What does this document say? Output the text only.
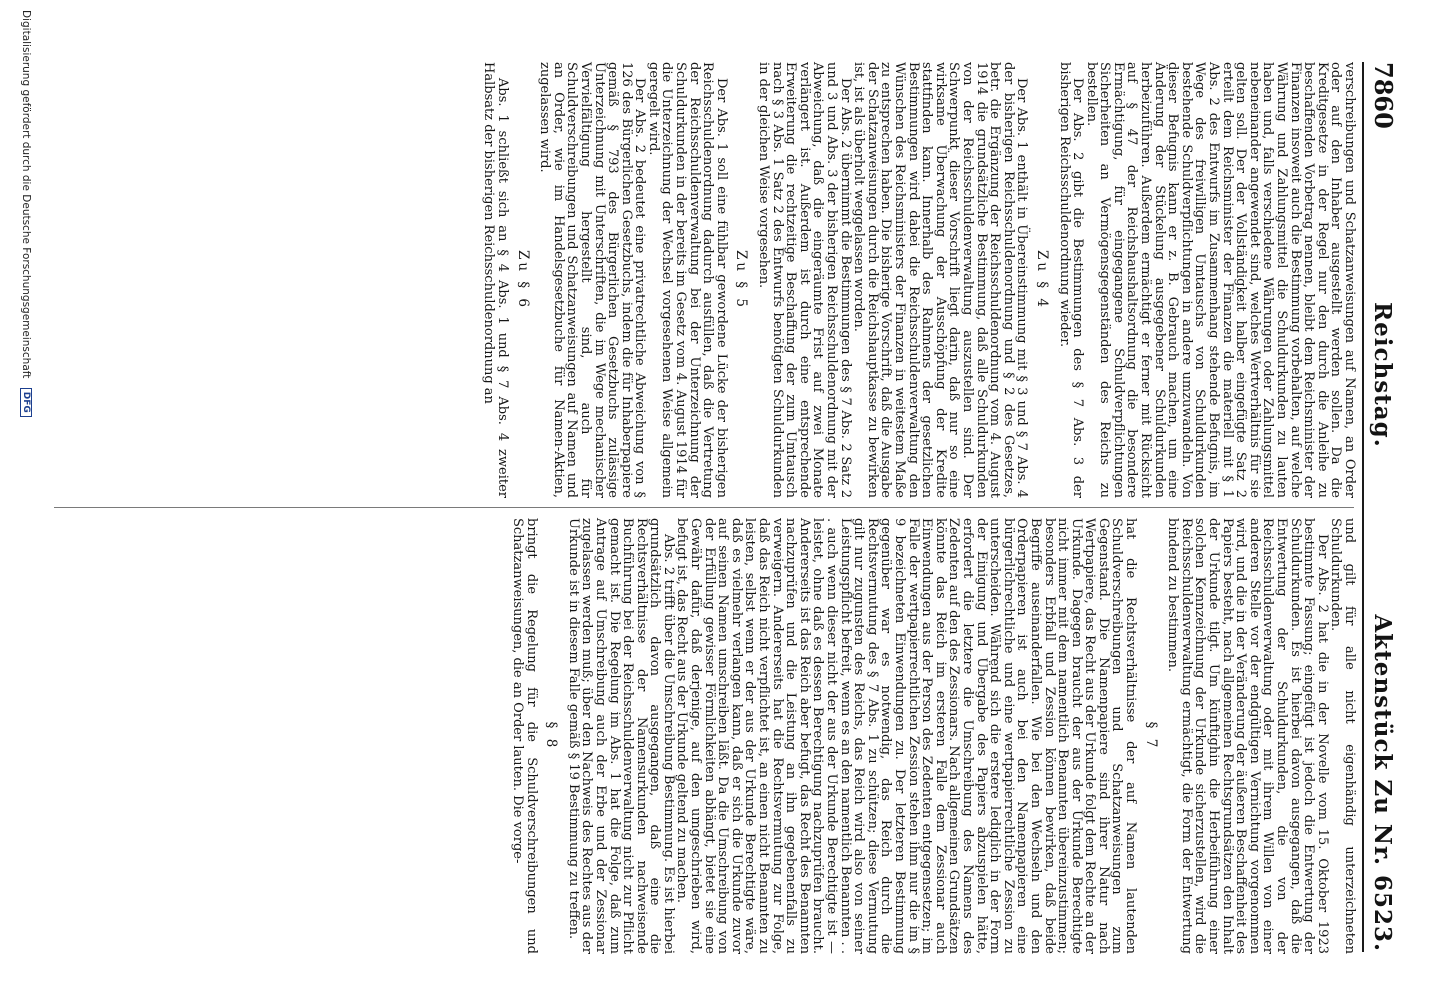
7860
Reichstag.
Aktenstück Zu Nr. 6523.

verschreibungen und Schatzanweisungen auf Namen, an Order oder auf den Inhaber ausgestellt werden sollen. Da die Kreditgesetze in der Regel nur den durch die Anleihe zu beschaffenden Vorbetrag nennen, bleibt dem Reichsminister der Finanzen insoweit auch die Bestimmung vorbehalten, auf welche Währung und Zahlungsmittel die Schuldurkunden zu lauten haben und, falls verschiedene Währungen oder Zahlungsmittel nebeneinander angewendet sind, welches Wertverhältnis für sie gelten soll. Der der Vollständigkeit halber eingefügte Satz 2 erteilt dem Reichsminister der Finanzen die materiell mit § 1 Abs. 2 des Entwurfs im Zusammenhang stehende Befugnis, im Wege des freiwilligen Umtauschs von Schuldurkunden bestehende Schuldverpflichtungen in andere umzuwandeln. Von dieser Befugnis kann er z. B. Gebrauch machen, um eine Änderung der Stückelung ausgegebener Schuldurkunden herbeizuführen. Außerdem ermächtigt er ferner mit Rücksicht auf § 47 der Reichshaushaltsordnung die besondere Ermächtigung, für eingegangene Schuldverpflichtungen Sicherheiten an Vermögensgegenständen des Reichs zu bestellen.

Der Abs. 2 gibt die Bestimmungen des § 7 Abs. 3 der bisherigen Reichsschuldenordnung wieder.

Zu § 4

Der Abs. 1 enthält in Übereinstimmung mit § 3 und § 7 Abs. 4 der bisherigen Reichsschuldenordnung und § 2 des Gesetzes, betr. die Ergänzung der Reichsschuldenordnung vom 4. August 1914 die grundsätzliche Bestimmung, daß alle Schuldurkunden von der Reichsschuldenverwaltung auszustellen sind. Der Schwerpunkt dieser Vorschrift liegt darin, daß nur so eine wirksame Überwachung der Ausschöpfung der Kredite stattfinden kann. Innerhalb des Rahmens der gesetzlichen Bestimmungen wird dabei die Reichsschuldenverwaltung den Wünschen des Reichsministers der Finanzen in weitestem Maße zu entsprechen haben. Die bisherige Vorschrift, daß die Ausgabe der Schatzanweisungen durch die Reichshauptkasse zu bewirken ist, ist als überholt weggelassen worden.

Der Abs. 2 übernimmt die Bestimmungen des § 7 Abs. 2 Satz 2 und 3 und Abs. 3 der bisherigen Reichsschuldenordnung mit der Abweichung, daß die eingeräumte Frist auf zwei Monate verlängert ist. Außerdem ist durch eine entsprechende Erweiterung die rechtzeitige Beschaffung der zum Umtausch nach § 3 Abs. 1 Satz 2 des Entwurfs benötigten Schuldurkunden in der gleichen Weise vorgesehen.

Zu § 5

Der Abs. 1 soll eine fühlbar gewordene Lücke der bisherigen Reichsschuldenordnung dadurch ausfüllen, daß die Vertretung der Reichsschuldenverwaltung bei der Unterzeichnung der Schuldurkunden in der bereits im Gesetz vom 4. August 1914 für die Unterzeichnung der Wechsel vorgesehenen Weise allgemein geregelt wird.

Der Abs. 2 bedeutet eine privatrechtliche Abweichung von § 126 des Bürgerlichen Gesetzbuchs, indem die für Inhaberpapiere gemäß § 793 des Bürgerlichen Gesetzbuchs zulässige Unterzeichnung mit Unterschriften, die im Wege mechanischer Vervielfältigung hergestellt sind, auch für Schuldverschreibungen und Schatzanweisungen auf Namen und an Order, wie im Handelsgesetzbuche für Namen-Aktien, zugelassen wird.

Zu § 6

Abs. 1 schließt sich an § 4 Abs. 1 und § 7 Abs. 4 zweiter Halbsatz der bisherigen Reichsschuldenordnung an

und gilt für alle nicht eigenhändig unterzeichneten Schuldurkunden.

Der Abs. 2 hat die in der Novelle vom 15. Oktober 1923 bestimmte Fassung; eingefügt ist jedoch die Entwertung der Schuldurkunden. Es ist hierbei davon ausgegangen, daß die Entwertung der Schuldurkunden, die von der Reichsschuldenverwaltung oder mit ihrem Willen von einer anderen Stelle vor der endgültigen Vernichtung vorgenommen wird, und die in der Veränderung der äußeren Beschaffenheit des Papiers besteht, nach allgemeinen Rechtsgrundsätzen den Inhalt der Urkunde tilgt. Um künftighin die Herbeiführung einer solchen Kennzeichnung der Urkunde sicherzustellen, wird die Reichsschuldenverwaltung ermächtigt, die Form der Entwertung bindend zu bestimmen.

§ 7

hat die Rechtsverhältnisse der auf Namen lautenden Schuldverschreibungen und Schatzanweisungen zum Gegenstand. Die Namenpapiere sind ihrer Natur nach Wertpapiere, das Recht aus der Urkunde folgt dem Rechte an der Urkunde. Dagegen braucht der aus der Urkunde Berechtigte nicht immer mit dem namentlich Benannten übereinzustimmen; besonders Erbfall und Zession können bewirken, daß beide Begriffe auseinanderfallen. Wie bei den Wechseln und den Orderpapieren ist auch bei den Namenpapieren eine bürgerlichrechtliche und eine wertpapierrechtliche Zession zu unterscheiden. Während sich die erstere lediglich in der Form der Einigung und Übergabe des Papiers abzuspielen hätte, erfordert die letztere die Umschreibung des Namens des Zedenten auf den des Zessionars. Nach allgemeinen Grundsätzen könnte das Reich im ersteren Falle dem Zessionar auch Einwendungen aus der Person des Zedenten entgegensetzen; im Falle der wertpapierrechtlichen Zession stehen ihm nur die im § 9 bezeichneten Einwendungen zu. Der letzteren Bestimmung gegenüber war es notwendig, das Reich durch die Rechtsvermutung des § 7 Abs. 1 zu schützen; diese Vermutung gilt nur zugunsten des Reichs, das Reich wird also von seiner Leistungspflicht befreit, wenn es an den namentlich Benannten . . . auch wenn dieser nicht der aus der Urkunde Berechtigte ist — leistet, ohne daß es dessen Berechtigung nachzuprüfen braucht. Andererseits ist das Reich aber befugt, das Recht des Benannten nachzuprüfen und die Leistung an ihn gegebenenfalls zu verweigern. Andererseits hat die Rechtsvermutung zur Folge, daß das Reich nicht verpflichtet ist, an einen nicht Benannten zu leisten, selbst wenn er der aus der Urkunde Berechtigte wäre, daß es vielmehr verlangen kann, daß er sich die Urkunde zuvor auf seinen Namen umschreiben läßt. Da die Umschreibung von der Erfüllung gewisser Förmlichkeiten abhängt, bietet sie eine Gewähr dafür, daß derjenige, auf den umgeschrieben wird, befugt ist, das Recht aus der Urkunde geltend zu machen.

Abs. 2 trifft über die Umschreibung Bestimmung. Es ist hierbei grundsätzlich davon ausgegangen, daß eine die Rechtsverhältnisse der Namensurkunden nachweisende Buchführung bei der Reichsschuldenverwaltung nicht zur Pflicht gemacht ist. Die Regelung im Abs. 1 hat die Folge, daß zum Antrage auf Umschreibung auch der Erbe und der Zessionar zugelassen werden muß; über den Nachweis des Rechtes aus der Urkunde ist in diesem Falle gemäß § 19 Bestimmung zu treffen.

§ 8

bringt die Regelung für die Schuldverschreibungen und Schatzanweisungen, die an Order lauten. Die vorge-

Digitalisierung gefördert durch die Deutsche Forschungsgemeinschaft DFG
